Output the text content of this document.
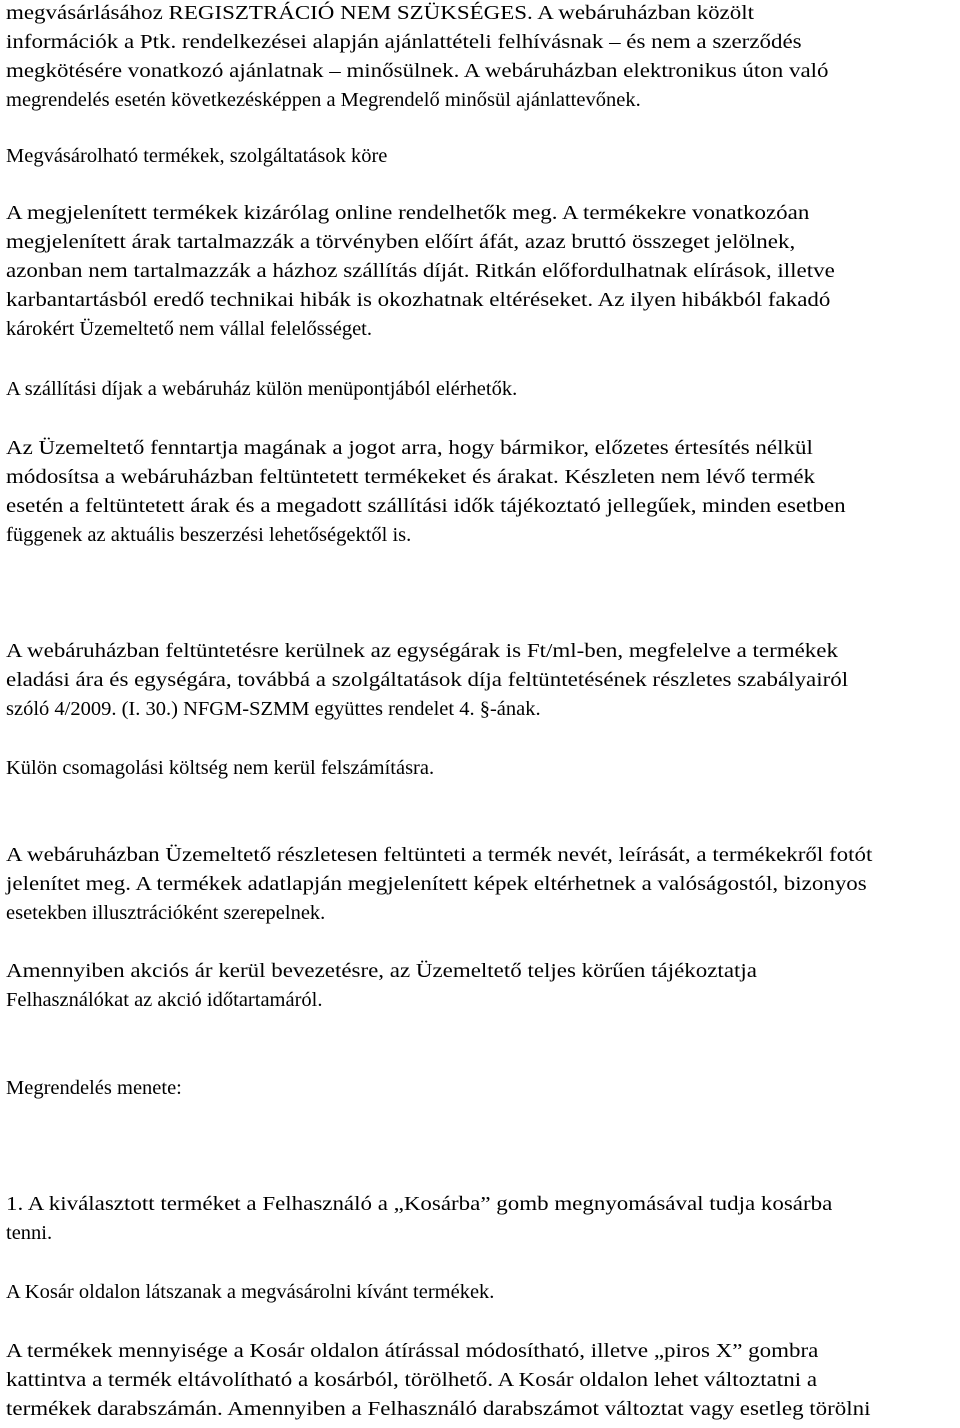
megvásárlásához REGISZTRÁCIÓ NEM SZÜKSÉGES. A webáruházban közölt

információk a Ptk. rendelkezései alapján ajánlattételi felhívásnak – és nem a szerződés

megkötésére vonatkozó ajánlatnak – minősülnek. A webáruházban elektronikus úton való

megrendelés esetén következésképpen a Megrendelő minősül ajánlattevőnek.

Megvásárolható termékek, szolgáltatások köre

A megjelenített termékek kizárólag online rendelhetők meg. A termékekre vonatkozóan

megjelenített árak tartalmazzák a törvényben előírt áfát, azaz bruttó összeget jelölnek,

azonban nem tartalmazzák a házhoz szállítás díját. Ritkán előfordulhatnak elírások, illetve

karbantartásból eredő technikai hibák is okozhatnak eltéréseket. Az ilyen hibákból fakadó

károkért Üzemeltető nem vállal felelősséget.

A szállítási díjak a webáruház külön menüpontjából elérhetők.

Az Üzemeltető fenntartja magának a jogot arra, hogy bármikor, előzetes értesítés nélkül

módosítsa a webáruházban feltüntetett termékeket és árakat. Készleten nem lévő termék

esetén a feltüntetett árak és a megadott szállítási idők tájékoztató jellegűek, minden esetben

függenek az aktuális beszerzési lehetőségektől is.

A webáruházban feltüntetésre kerülnek az egységárak is Ft/ml-ben, megfelelve a termékek

eladási ára és egységára, továbbá a szolgáltatások díja feltüntetésének részletes szabályairól

szóló 4/2009. (I. 30.) NFGM-SZMM együttes rendelet 4. §-ának.

Külön csomagolási költség nem kerül felszámításra.

A webáruházban Üzemeltető részletesen feltünteti a termék nevét, leírását, a termékekről fotót

jelenítet meg. A termékek adatlapján megjelenített képek eltérhetnek a valóságostól, bizonyos

esetekben illusztrációként szerepelnek.

Amennyiben akciós ár kerül bevezetésre, az Üzemeltető teljes körűen tájékoztatja

Felhasználókat az akció időtartamáról.

Megrendelés menete:

1. A kiválasztott terméket a Felhasználó a „Kosárba” gomb megnyomásával tudja kosárba

tenni.

A Kosár oldalon látszanak a megvásárolni kívánt termékek.

A termékek mennyisége a Kosár oldalon átírással módosítható, illetve „piros X” gombra

kattintva a termék eltávolítható a kosárból, törölhető. A Kosár oldalon lehet változtatni a

termékek darabszámán. Amennyiben a Felhasználó darabszámot változtat vagy esetleg törölni
